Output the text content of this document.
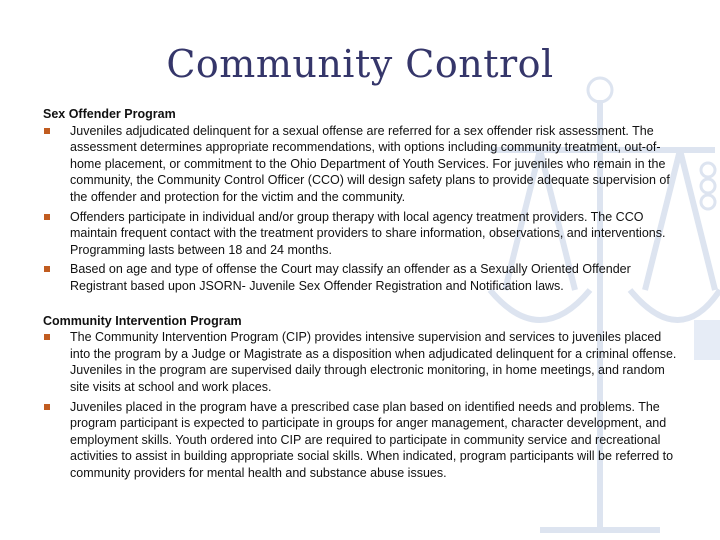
Community Control
Sex Offender Program
Juveniles adjudicated delinquent for a sexual offense are referred for a sex offender risk assessment. The assessment determines appropriate recommendations, with options including community treatment, out-of-home placement, or commitment to the Ohio Department of Youth Services. For juveniles who remain in the community, the Community Control Officer (CCO) will design safety plans to provide adequate supervision of the offender and protection for the victim and the community.
Offenders participate in individual and/or group therapy with local agency treatment providers. The CCO maintain frequent contact with the treatment providers to share information, observations, and interventions. Programming lasts between 18 and 24 months.
Based on age and type of offense the Court may classify an offender as a Sexually Oriented Offender Registrant based upon JSORN- Juvenile Sex Offender Registration and Notification laws.
Community Intervention Program
The Community Intervention Program (CIP) provides intensive supervision and services to juveniles placed into the program by a Judge or Magistrate as a disposition when adjudicated delinquent for a criminal offense. Juveniles in the program are supervised daily through electronic monitoring, in home meetings, and random site visits at school and work places.
Juveniles placed in the program have a prescribed case plan based on identified needs and problems. The program participant is expected to participate in groups for anger management, character development, and employment skills. Youth ordered into CIP are required to participate in community service and recreational activities to assist in building appropriate social skills. When indicated, program participants will be referred to community providers for mental health and substance abuse issues.
